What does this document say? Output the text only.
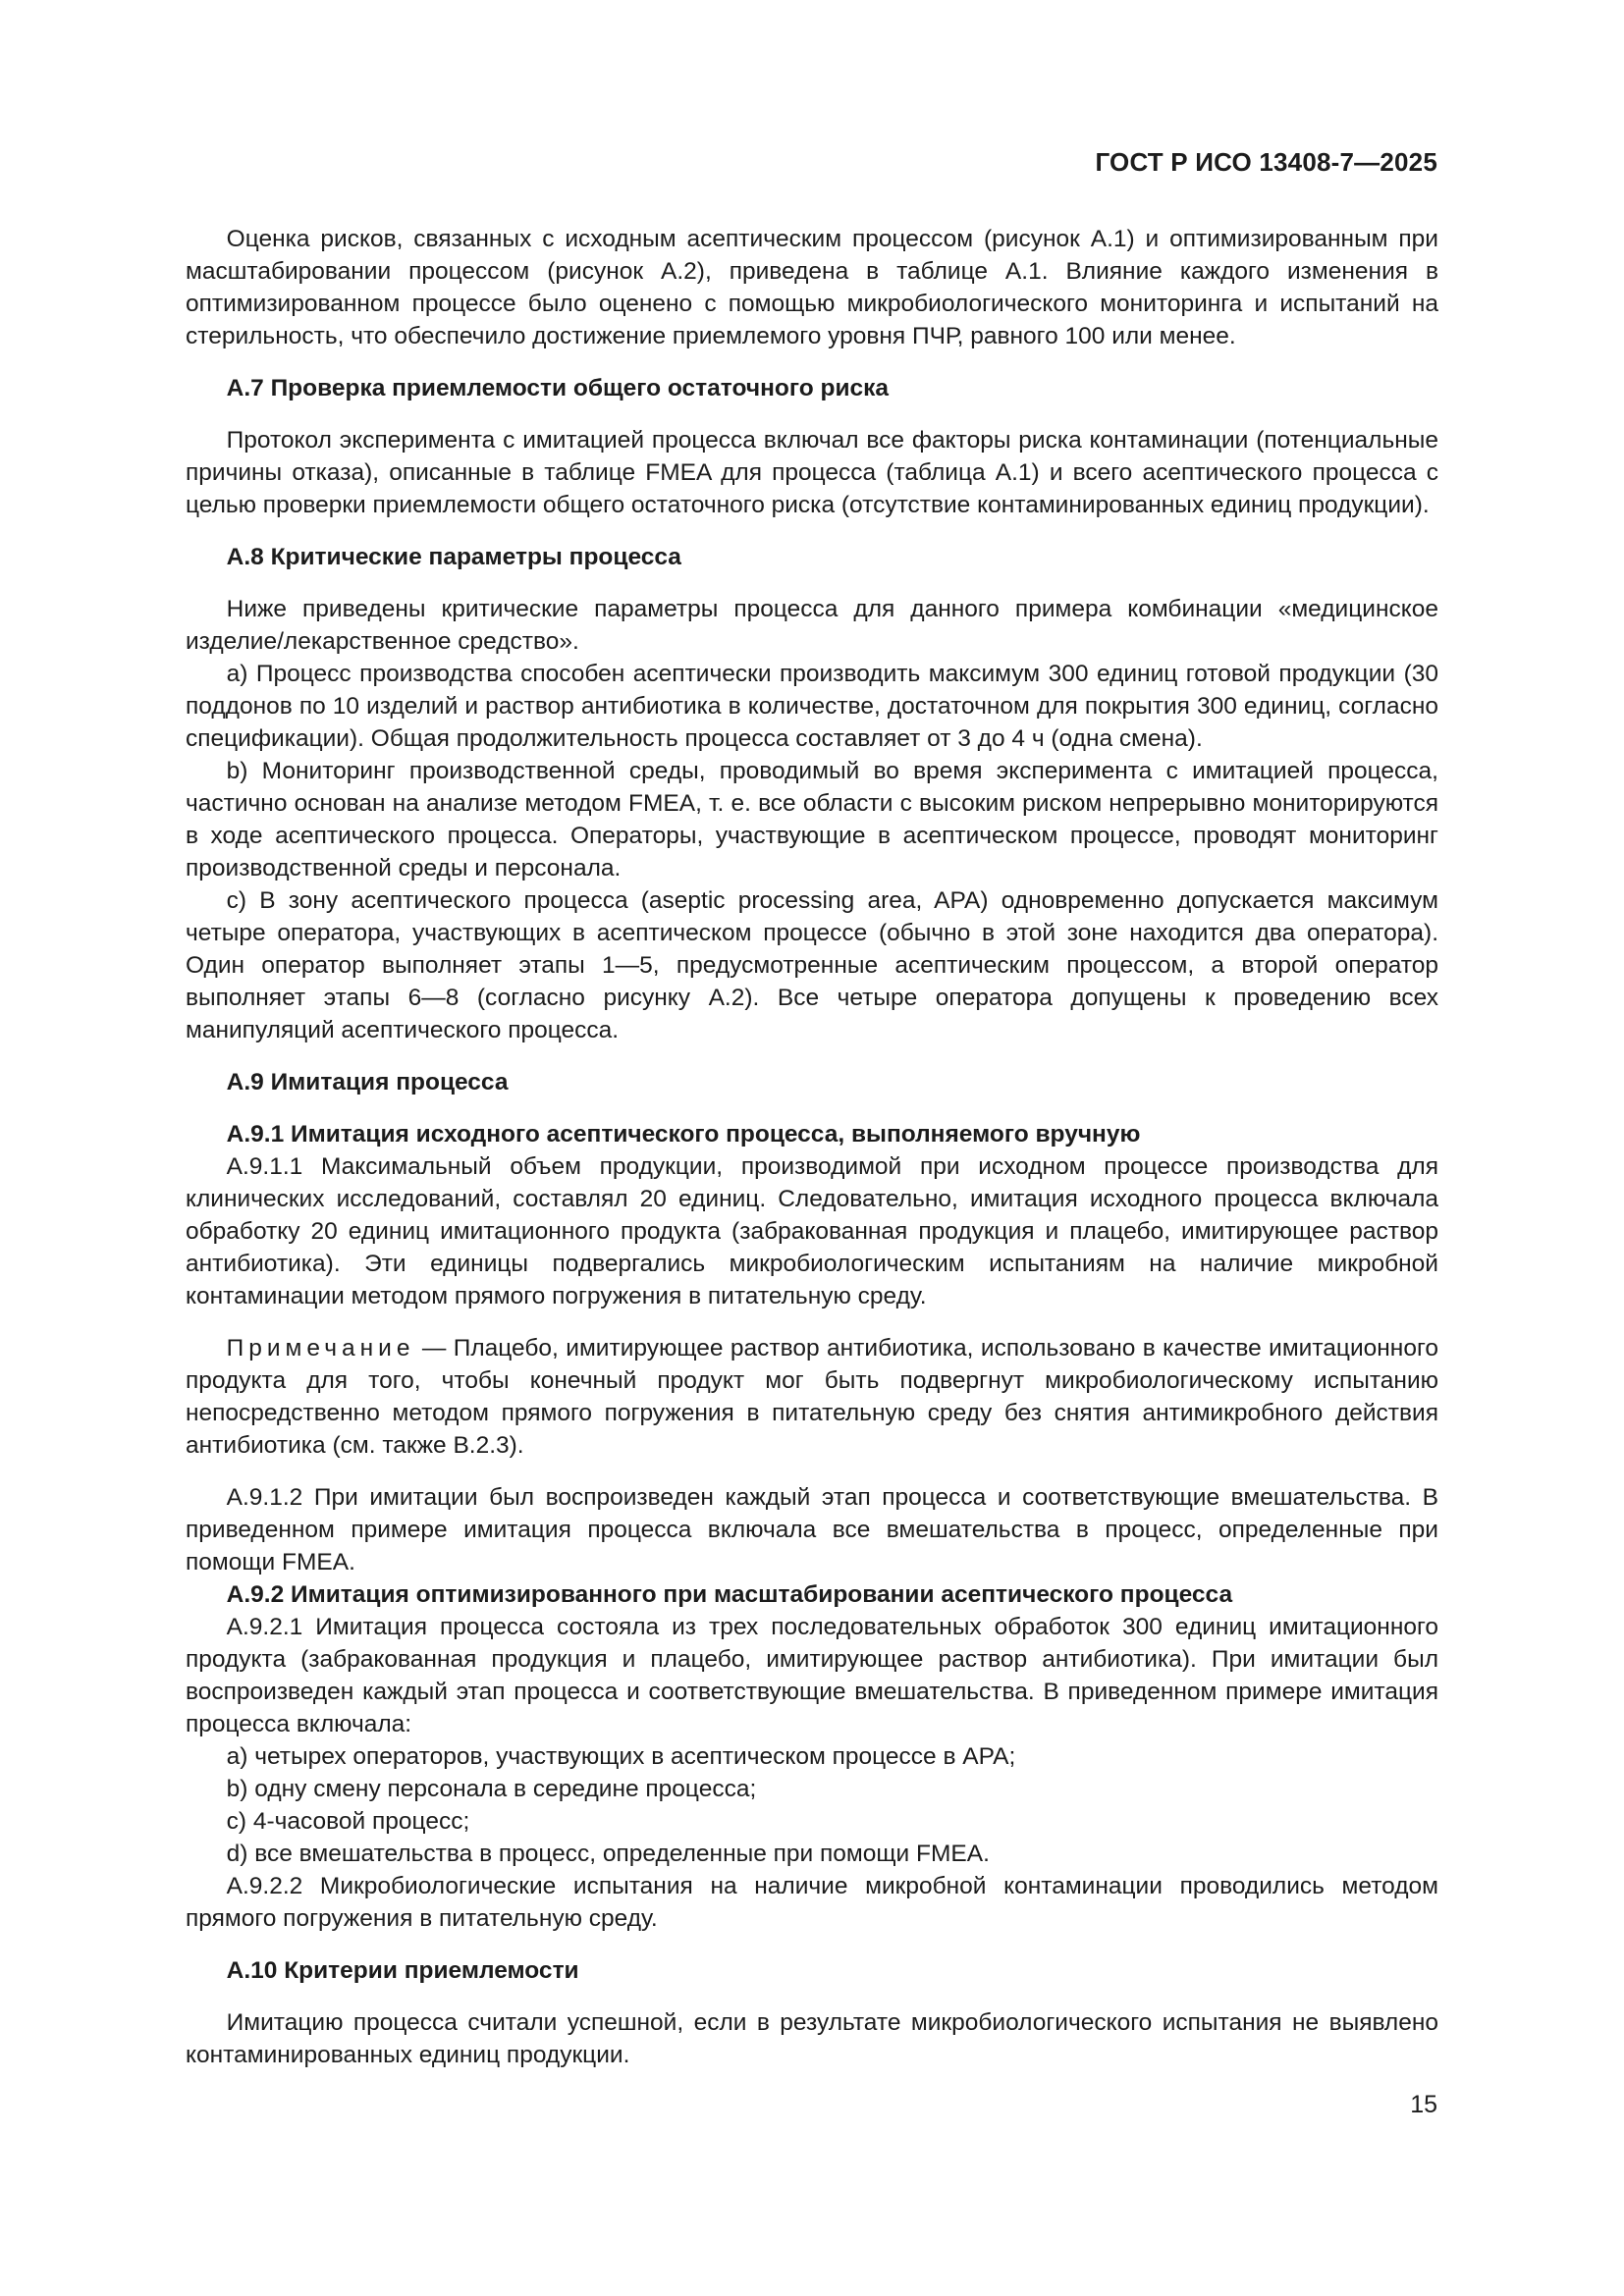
ГОСТ Р ИСО 13408-7—2025

Оценка рисков, связанных с исходным асептическим процессом (рисунок А.1) и оптимизированным при масштабировании процессом (рисунок А.2), приведена в таблице А.1. Влияние каждого изменения в оптимизированном процессе было оценено с помощью микробиологического мониторинга и испытаний на стерильность, что обеспечило достижение приемлемого уровня ПЧР, равного 100 или менее.

А.7 Проверка приемлемости общего остаточного риска

Протокол эксперимента с имитацией процесса включал все факторы риска контаминации (потенциальные причины отказа), описанные в таблице FMEA для процесса (таблица А.1) и всего асептического процесса с целью проверки приемлемости общего остаточного риска (отсутствие контаминированных единиц продукции).

А.8 Критические параметры процесса

Ниже приведены критические параметры процесса для данного примера комбинации «медицинское изделие/лекарственное средство».

а) Процесс производства способен асептически производить максимум 300 единиц готовой продукции (30 поддонов по 10 изделий и раствор антибиотика в количестве, достаточном для покрытия 300 единиц, согласно спецификации). Общая продолжительность процесса составляет от 3 до 4 ч (одна смена).

b) Мониторинг производственной среды, проводимый во время эксперимента с имитацией процесса, частично основан на анализе методом FMEA, т. е. все области с высоким риском непрерывно мониторируются в ходе асептического процесса. Операторы, участвующие в асептическом процессе, проводят мониторинг производственной среды и персонала.

c) В зону асептического процесса (aseptic processing area, APA) одновременно допускается максимум четыре оператора, участвующих в асептическом процессе (обычно в этой зоне находится два оператора). Один оператор выполняет этапы 1—5, предусмотренные асептическим процессом, а второй оператор выполняет этапы 6—8 (согласно рисунку А.2). Все четыре оператора допущены к проведению всех манипуляций асептического процесса.

А.9 Имитация процесса

А.9.1 Имитация исходного асептического процесса, выполняемого вручную

А.9.1.1 Максимальный объем продукции, производимой при исходном процессе производства для клинических исследований, составлял 20 единиц. Следовательно, имитация исходного процесса включала обработку 20 единиц имитационного продукта (забракованная продукция и плацебо, имитирующее раствор антибиотика). Эти единицы подвергались микробиологическим испытаниям на наличие микробной контаминации методом прямого погружения в питательную среду.

Примечание — Плацебо, имитирующее раствор антибиотика, использовано в качестве имитационного продукта для того, чтобы конечный продукт мог быть подвергнут микробиологическому испытанию непосредственно методом прямого погружения в питательную среду без снятия антимикробного действия антибиотика (см. также В.2.3).

А.9.1.2 При имитации был воспроизведен каждый этап процесса и соответствующие вмешательства. В приведенном примере имитация процесса включала все вмешательства в процесс, определенные при помощи FMEA.

А.9.2 Имитация оптимизированного при масштабировании асептического процесса

А.9.2.1 Имитация процесса состояла из трех последовательных обработок 300 единиц имитационного продукта (забракованная продукция и плацебо, имитирующее раствор антибиотика). При имитации был воспроизведен каждый этап процесса и соответствующие вмешательства. В приведенном примере имитация процесса включала:

а) четырех операторов, участвующих в асептическом процессе в APA;

b) одну смену персонала в середине процесса;

c) 4-часовой процесс;

d) все вмешательства в процесс, определенные при помощи FMEA.

А.9.2.2 Микробиологические испытания на наличие микробной контаминации проводились методом прямого погружения в питательную среду.

А.10 Критерии приемлемости

Имитацию процесса считали успешной, если в результате микробиологического испытания не выявлено контаминированных единиц продукции.

15
